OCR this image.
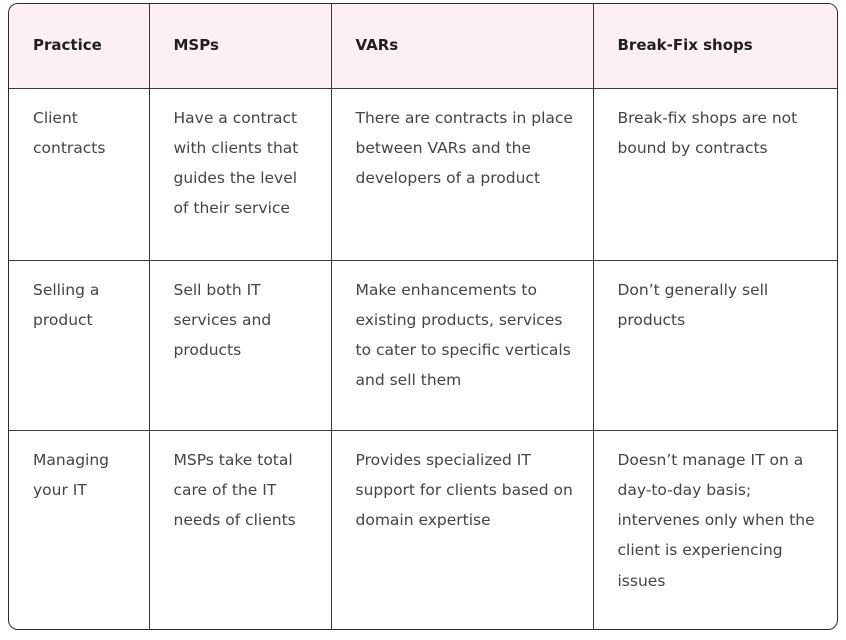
Practice	MSPs	VARs	Break-Fix shops
Client contracts	Have a contract with clients that guides the level of their service	There are contracts in place between VARs and the developers of a product	Break-fix shops are not bound by contracts
Selling a product	Sell both IT services and products	Make enhancements to existing products, services to cater to specific verticals and sell them	Don’t generally sell products
Managing your IT	MSPs take total care of the IT needs of clients	Provides specialized IT support for clients based on domain expertise	Doesn’t manage IT on a day-to-day basis; intervenes only when the client is experiencing issues
